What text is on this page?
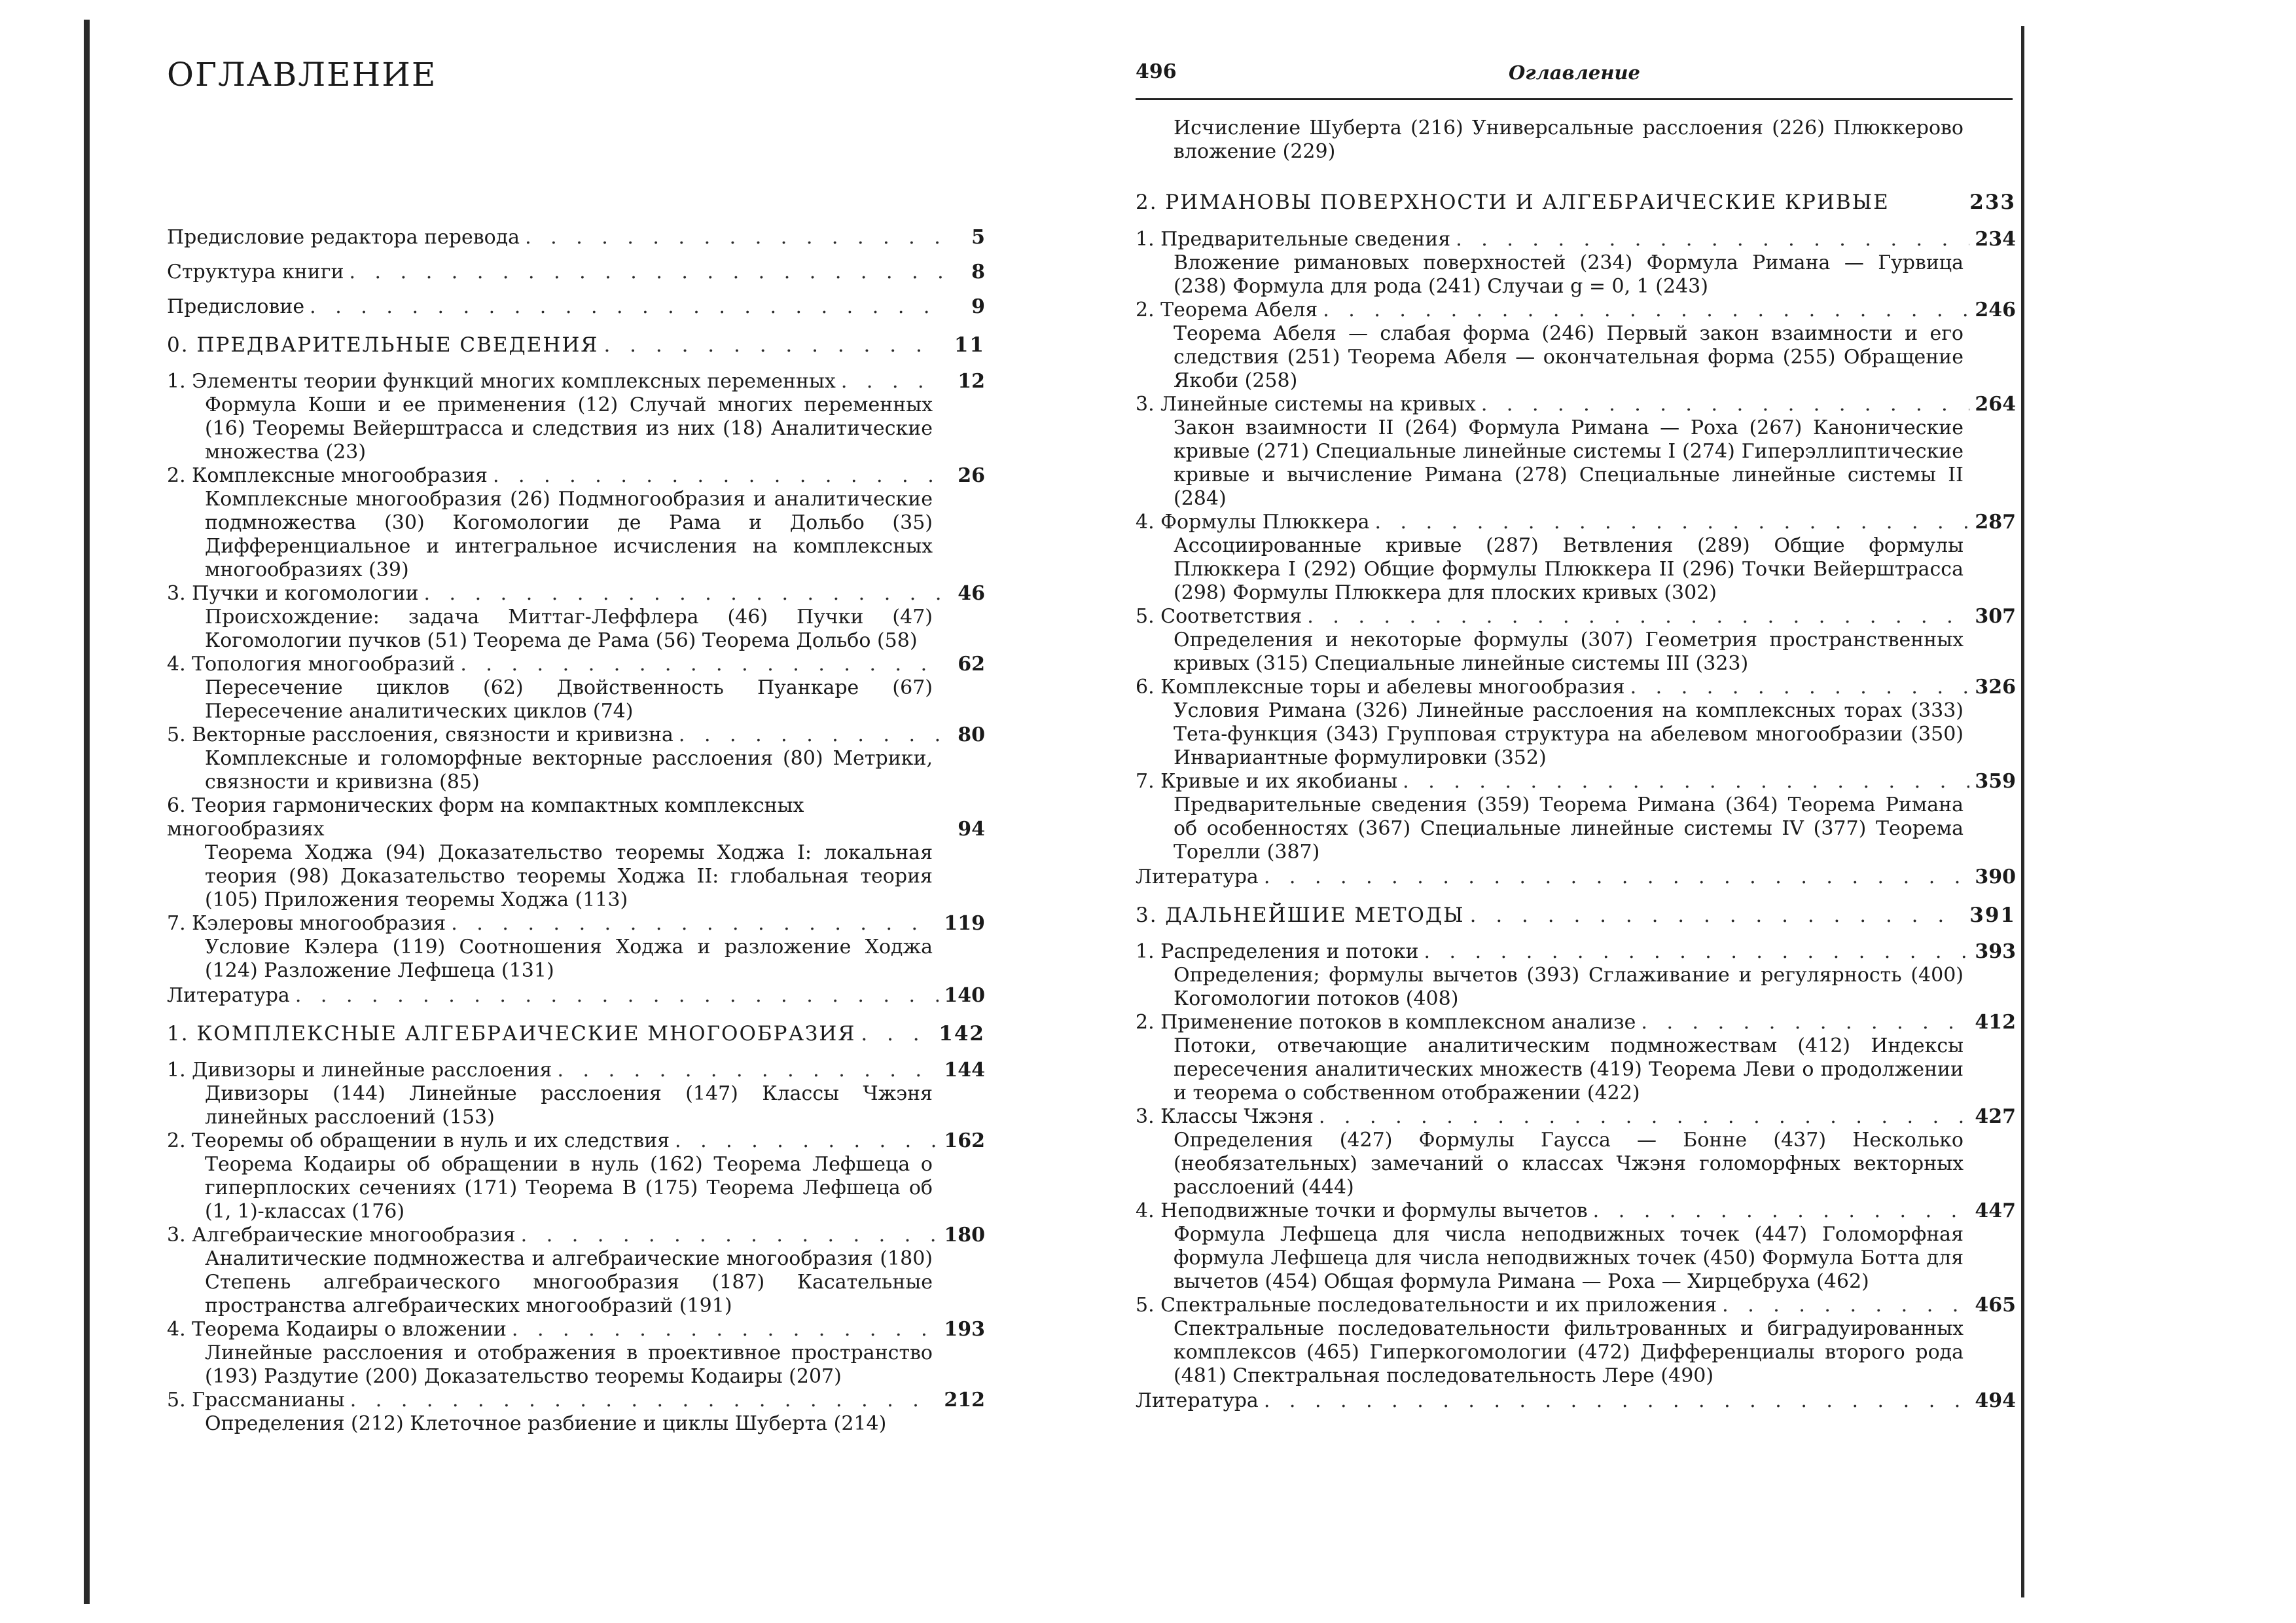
ОГЛАВЛЕНИЕ
Предисловие редактора перевода . . .	5
Структура книги . . .	8
Предисловие . . .	9
0. ПРЕДВАРИТЕЛЬНЫЕ СВЕДЕНИЯ . . .	11
1. Элементы теории функций многих комплексных переменных . . .	12
Формула Коши и ее применения (12) Случай многих переменных (16) Теоремы Вейерштрасса и следствия из них (18) Аналитические множества (23)
2. Комплексные многообразия . . .	26
Комплексные многообразия (26) Подмногообразия и аналитические подмножества (30) Когомологии де Рама и Дольбо (35) Дифференциальное и интегральное исчисления на комплексных многообразиях (39)
3. Пучки и когомологии . . .	46
Происхождение: задача Миттаг-Леффлера (46) Пучки (47) Когомологии пучков (51) Теорема де Рама (56) Теорема Дольбо (58)
4. Топология многообразий . . .	62
Пересечение циклов (62) Двойственность Пуанкаре (67) Пересечение аналитических циклов (74)
5. Векторные расслоения, связности и кривизна . . .	80
Комплексные и голоморфные векторные расслоения (80) Метрики, связности и кривизна (85)
6. Теория гармонических форм на компактных комплексных многообразиях	94
Теорема Ходжа (94) Доказательство теоремы Ходжа I: локальная теория (98) Доказательство теоремы Ходжа II: глобальная теория (105) Приложения теоремы Ходжа (113)
7. Кэлеровы многообразия . . .	119
Условие Кэлера (119) Соотношения Ходжа и разложение Ходжа (124) Разложение Лефшеца (131)
Литература . . .	140
1. КОМПЛЕКСНЫЕ АЛГЕБРАИЧЕСКИЕ МНОГООБРАЗИЯ . . .	142
1. Дивизоры и линейные расслоения . . .	144
Дивизоры (144) Линейные расслоения (147) Классы Чжэня линейных расслоений (153)
2. Теоремы об обращении в нуль и их следствия . . .	162
Теорема Кодаиры об обращении в нуль (162) Теорема Лефшеца о гиперплоских сечениях (171) Теорема B (175) Теорема Лефшеца об (1, 1)-классах (176)
3. Алгебраические многообразия . . .	180
Аналитические подмножества и алгебраические многообразия (180) Степень алгебраического многообразия (187) Касательные пространства алгебраических многообразий (191)
4. Теорема Кодаиры о вложении . . .	193
Линейные расслоения и отображения в проективное пространство (193) Раздутие (200) Доказательство теоремы Кодаиры (207)
5. Грассманианы . . .	212
Определения (212) Клеточное разбиение и циклы Шуберта (214)
496	Оглавление
Исчисление Шуберта (216) Универсальные расслоения (226) Плюккерово вложение (229)
2. РИМАНОВЫ ПОВЕРХНОСТИ И АЛГЕБРАИЧЕСКИЕ КРИВЫЕ	233
1. Предварительные сведения . . .	234
Вложение римановых поверхностей (234) Формула Римана — Гурвица (238) Формула для рода (241) Случаи g = 0, 1 (243)
2. Теорема Абеля . . .	246
Теорема Абеля — слабая форма (246) Первый закон взаимности и его следствия (251) Теорема Абеля — окончательная форма (255) Обращение Якоби (258)
3. Линейные системы на кривых . . .	264
Закон взаимности II (264) Формула Римана — Роха (267) Канонические кривые (271) Специальные линейные системы I (274) Гиперэллиптические кривые и вычисление Римана (278) Специальные линейные системы II (284)
4. Формулы Плюккера . . .	287
Ассоциированные кривые (287) Ветвления (289) Общие формулы Плюккера I (292) Общие формулы Плюккера II (296) Точки Вейерштрасса (298) Формулы Плюккера для плоских кривых (302)
5. Соответствия . . .	307
Определения и некоторые формулы (307) Геометрия пространственных кривых (315) Специальные линейные системы III (323)
6. Комплексные торы и абелевы многообразия . . .	326
Условия Римана (326) Линейные расслоения на комплексных торах (333) Тета-функция (343) Групповая структура на абелевом многообразии (350) Инвариантные формулировки (352)
7. Кривые и их якобианы . . .	359
Предварительные сведения (359) Теорема Римана (364) Теорема Римана об особенностях (367) Специальные линейные системы IV (377) Теорема Торелли (387)
Литература . . .	390
3. ДАЛЬНЕЙШИЕ МЕТОДЫ . . .	391
1. Распределения и потоки . . .	393
Определения; формулы вычетов (393) Сглаживание и регулярность (400) Когомологии потоков (408)
2. Применение потоков в комплексном анализе . . .	412
Потоки, отвечающие аналитическим подмножествам (412) Индексы пересечения аналитических множеств (419) Теорема Леви о продолжении и теорема о собственном отображении (422)
3. Классы Чжэня . . .	427
Определения (427) Формулы Гаусса — Бонне (437) Несколько (необязательных) замечаний о классах Чжэня голоморфных векторных расслоений (444)
4. Неподвижные точки и формулы вычетов . . .	447
Формула Лефшеца для числа неподвижных точек (447) Голоморфная формула Лефшеца для числа неподвижных точек (450) Формула Ботта для вычетов (454) Общая формула Римана — Роха — Хирцебруха (462)
5. Спектральные последовательности и их приложения . . .	465
Спектральные последовательности фильтрованных и биградуированных комплексов (465) Гиперкогомологии (472) Дифференциалы второго рода (481) Спектральная последовательность Лере (490)
Литература . . .	494
